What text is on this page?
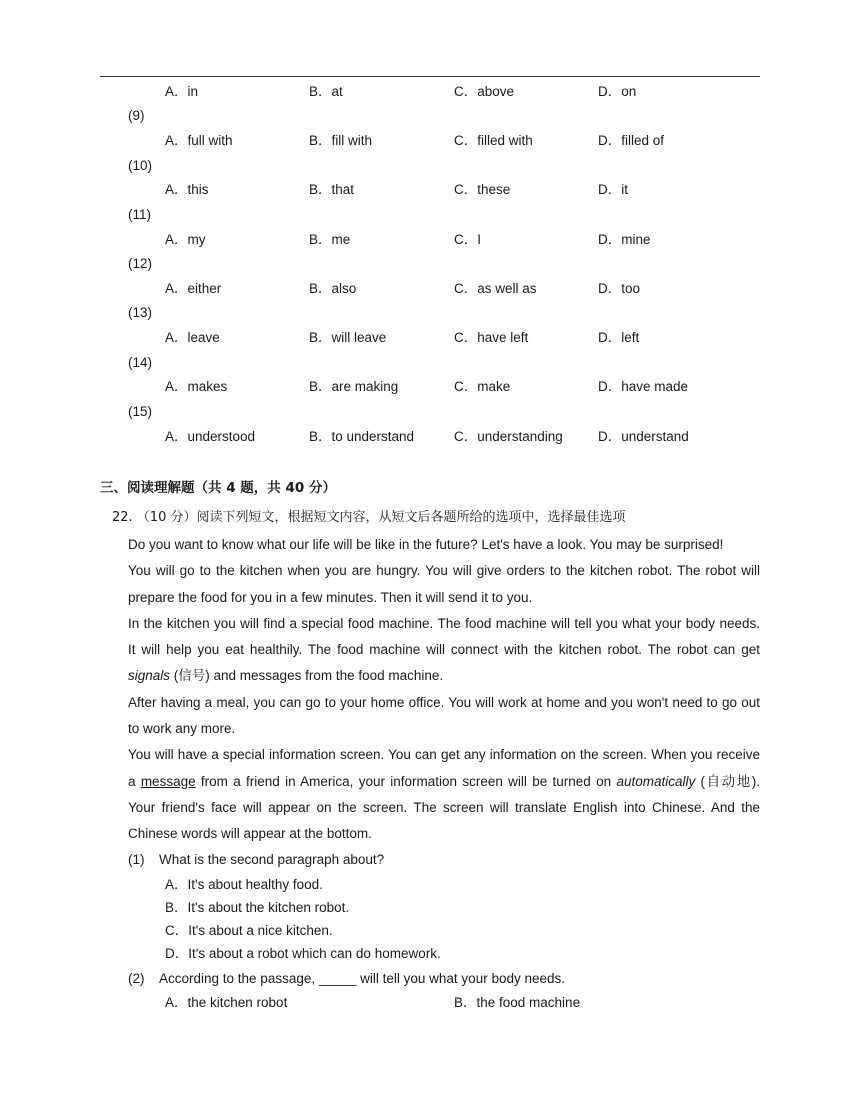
A．in	B．at	C．above	D．on
(9)
A．full with	B．fill with	C．filled with	D．filled of
(10)
A．this	B．that	C．these	D．it
(11)
A．my	B．me	C．I	D．mine
(12)
A．either	B．also	C．as well as	D．too
(13)
A．leave	B．will leave	C．have left	D．left
(14)
A．makes	B．are making	C．make	D．have made
(15)
A．understood	B．to understand	C．understanding	D．understand
三、阅读理解题（共 4 题，共 40 分）
22. （10 分）阅读下列短文，根据短文内容，从短文后各题所给的选项中，选择最佳选项

Do you want to know what our life will be like in the future? Let's have a look. You may be surprised!

You will go to the kitchen when you are hungry. You will give orders to the kitchen robot. The robot will

prepare the food for you in a few minutes. Then it will send it to you.

In the kitchen you will find a special food machine. The food machine will tell you what your body needs.

It will help you eat healthily. The food machine will connect with the kitchen robot. The robot can get

signals (信号) and messages from the food machine.

After having a meal, you can go to your home office. You will work at home and you won't need to go out

to work any more.

You will have a special information screen. You can get any information on the screen. When you receive

a message from a friend in America, your information screen will be turned on automatically (自动地).

Your friend's face will appear on the screen. The screen will translate English into Chinese. And the

Chinese words will appear at the bottom.

(1) What is the second paragraph about?
A．It's about healthy food.
B．It's about the kitchen robot.
C．It's about a nice kitchen.
D．It's about a robot which can do homework.
(2) According to the passage, _____ will tell you what your body needs.
A．the kitchen robot	B．the food machine
